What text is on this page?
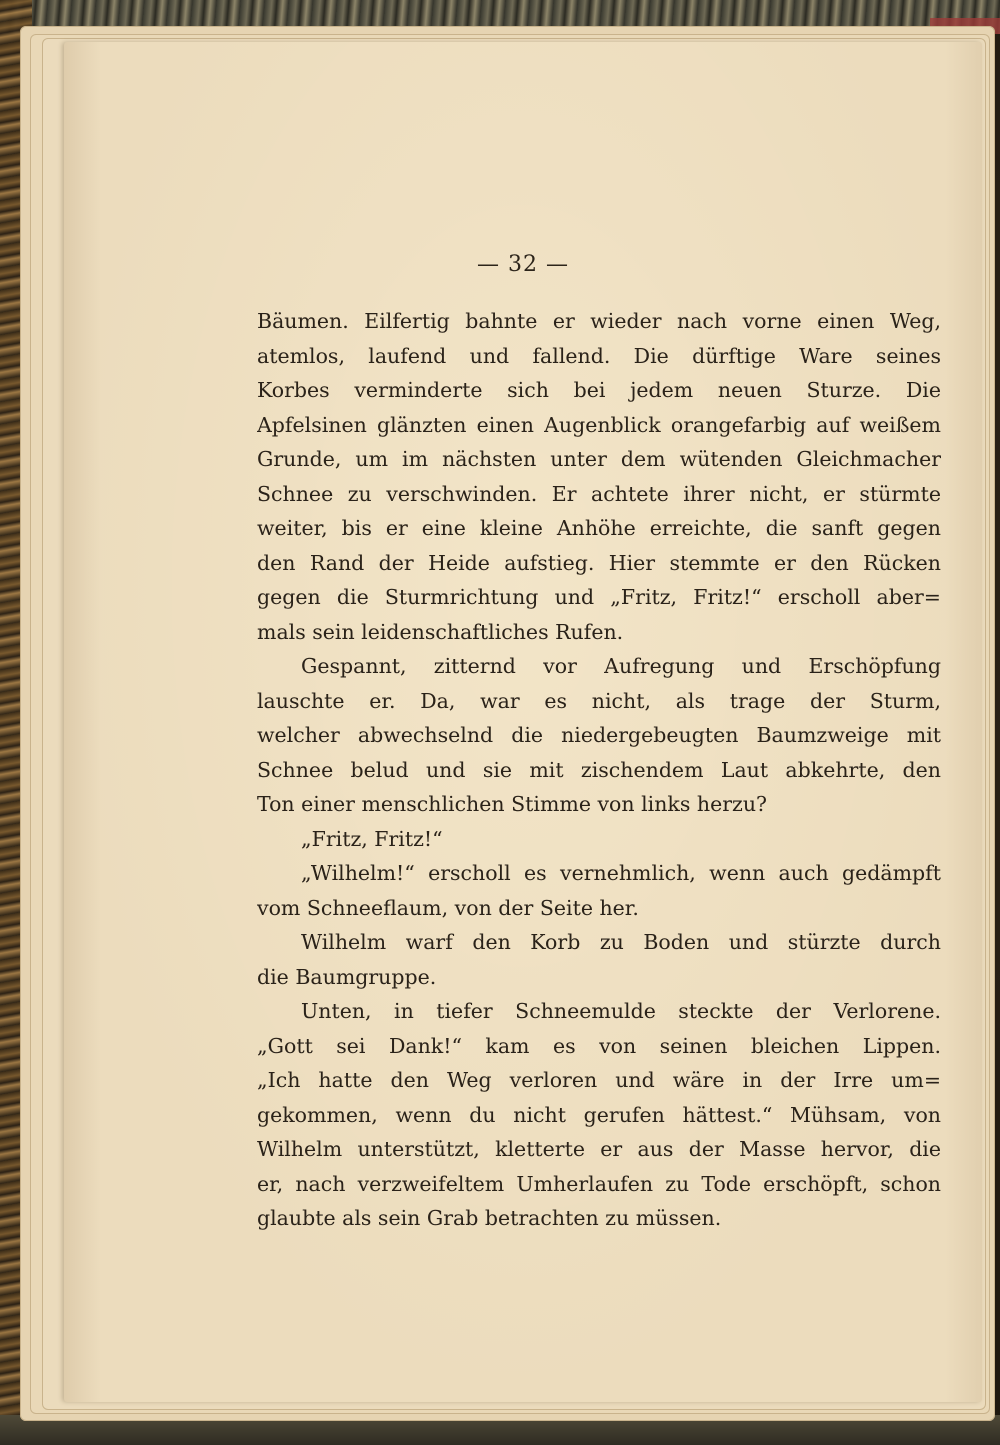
— 32 —
Bäumen. Eilfertig bahnte er wieder nach vorne einen Weg,
atemlos, laufend und fallend. Die dürftige Ware seines
Korbes verminderte sich bei jedem neuen Sturze. Die
Apfelsinen glänzten einen Augenblick orangefarbig auf weißem
Grunde, um im nächsten unter dem wütenden Gleichmacher
Schnee zu verschwinden. Er achtete ihrer nicht, er stürmte
weiter, bis er eine kleine Anhöhe erreichte, die sanft gegen
den Rand der Heide aufstieg. Hier stemmte er den Rücken
gegen die Sturmrichtung und „Fritz, Fritz!“ erscholl aber=
mals sein leidenschaftliches Rufen.
Gespannt, zitternd vor Aufregung und Erschöpfung
lauschte er. Da, war es nicht, als trage der Sturm,
welcher abwechselnd die niedergebeugten Baumzweige mit
Schnee belud und sie mit zischendem Laut abkehrte, den
Ton einer menschlichen Stimme von links herzu?
„Fritz, Fritz!“
„Wilhelm!“ erscholl es vernehmlich, wenn auch gedämpft
vom Schneeflaum, von der Seite her.
Wilhelm warf den Korb zu Boden und stürzte durch
die Baumgruppe.
Unten, in tiefer Schneemulde steckte der Verlorene.
„Gott sei Dank!“ kam es von seinen bleichen Lippen.
„Ich hatte den Weg verloren und wäre in der Irre um=
gekommen, wenn du nicht gerufen hättest.“ Mühsam, von
Wilhelm unterstützt, kletterte er aus der Masse hervor, die
er, nach verzweifeltem Umherlaufen zu Tode erschöpft, schon
glaubte als sein Grab betrachten zu müssen.
